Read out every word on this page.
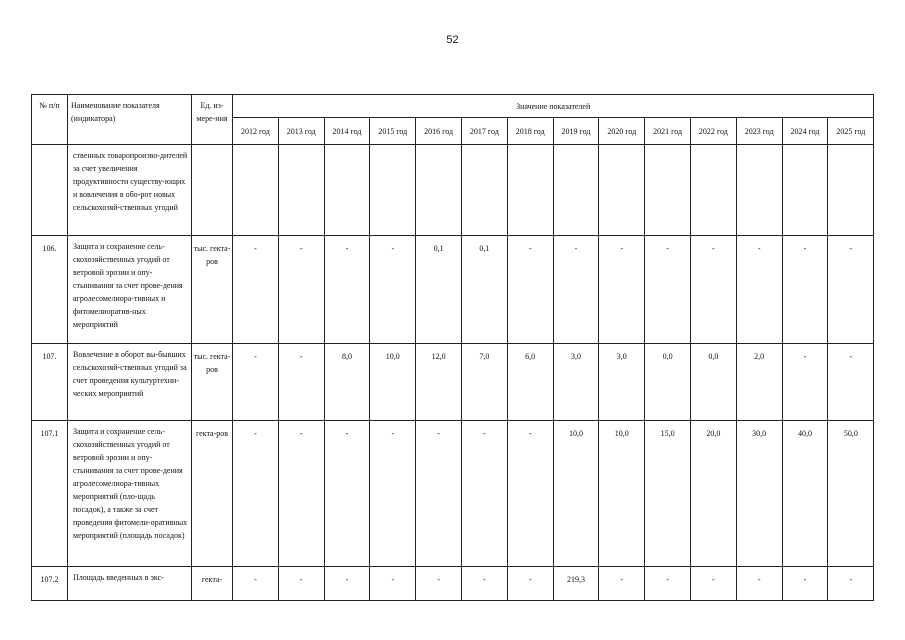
52
№ п/п	Наименование показателя (индикатора)	Ед. из-мере-ния	Значение показателей													
			2012 год	2013 год	2014 год	2015 год	2016 год	2017 год	2018 год	2019 год	2020 год	2021 год	2022 год	2023 год	2024 год	2025 год
	ственных товаропроизво-дителей за счет увеличения продуктивности существу-ющих и вовлечения в обо-рот новых сельскохозяй-ственных угодий															
106.	Защита и сохранение сель-скохозяйственных угодий от ветровой эрозии и опу-стынивания за счет прове-дения агролесомелиора-тивных и фитомелиоратив-ных мероприятий	тыс. гекта-ров	-	-	-	-	0,1	0,1	-	-	-	-	-	-	-	-
107.	Вовлечение в оборот вы-бывших сельскохозяй-ственных угодий за счет проведения культуртехни-ческих мероприятий	тыс. гекта-ров	-	-	8,0	10,0	12,0	7,0	6,0	3,0	3,0	0,0	0,0	2,0	-	-
107.1	Защита и сохранение сель-скохозяйственных угодий от ветровой эрозии и опу-стынивания за счет прове-дения агролесомелиора-тивных мероприятий (пло-щадь посадок), а также за счет проведения фитомели-оративных мероприятий (площадь посадок)	гекта-ров	-	-	-	-	-	-	-	10,0	10,0	15,0	20,0	30,0	40,0	50,0
107.2	Площадь введенных в экс-	гекта-	-	-	-	-	-	-	-	219,3	-	-	-	-	-	-
